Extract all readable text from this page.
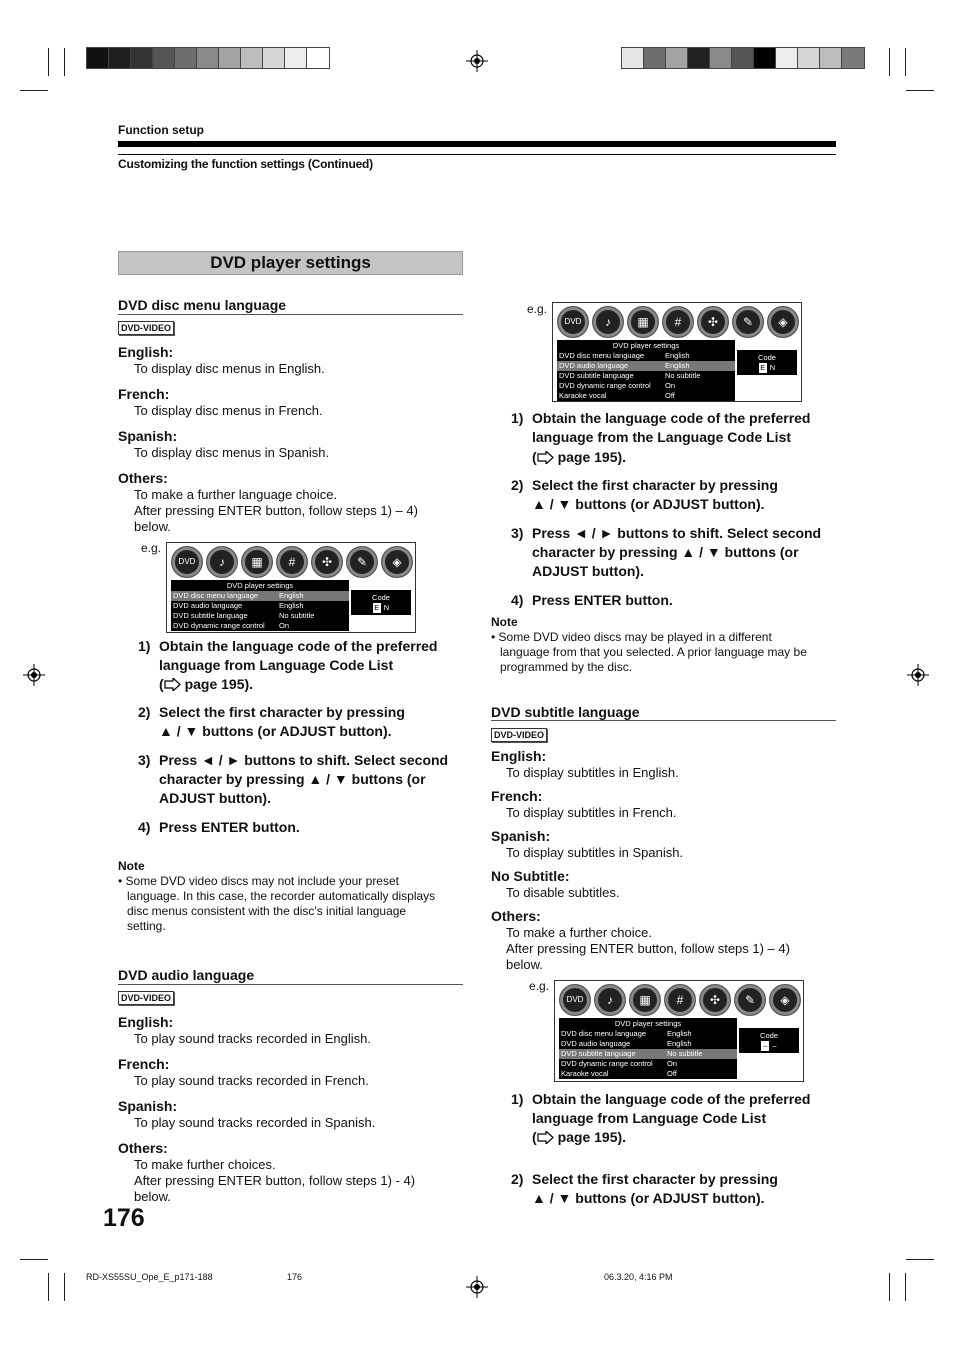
Function setup
Customizing the function settings (Continued)
DVD player settings
DVD disc menu language
DVD-VIDEO
English:
To display disc menus in English.
French:
To display disc menus in French.
Spanish:
To display disc menus in Spanish.
Others:
To make a further language choice.
After pressing ENTER button, follow steps 1) – 4)
below.
e.g.
DVD	♪	▦	#	✣	✎	◈
DVD player settings
DVD disc menu language	English
DVD audio language	English
DVD subtitle language	No subtitle
DVD dynamic range control On
Code
E N
1) Obtain the language code of the preferred
language from Language Code List
( page 195).
2) Select the first character by pressing
▲ / ▼ buttons (or ADJUST button).
3) Press ◄ / ► buttons to shift. Select second
character by pressing ▲ / ▼ buttons (or
ADJUST button).
4) Press ENTER button.
Note
• Some DVD video discs may not include your preset
language. In this case, the recorder automatically displays
disc menus consistent with the disc's initial language
setting.
DVD audio language
DVD-VIDEO
English:
To play sound tracks recorded in English.
French:
To play sound tracks recorded in French.
Spanish:
To play sound tracks recorded in Spanish.
Others:
To make further choices.
After pressing ENTER button, follow steps 1) - 4)
below.
176
e.g.
DVD	♪	▦	#	✣	✎	◈
DVD player settings
DVD disc menu language	English
DVD audio language	English
DVD subtitle language	No subtitle
DVD dynamic range control On
Karaoke vocal	Off
Code
E N
1) Obtain the language code of the preferred
language from the Language Code List
( page 195).
2) Select the first character by pressing
▲ / ▼ buttons (or ADJUST button).
3) Press ◄ / ► buttons to shift. Select second
character by pressing ▲ / ▼ buttons (or
ADJUST button).
4) Press ENTER button.
Note
• Some DVD video discs may be played in a different
language from that you selected. A prior language may be
programmed by the disc.
DVD subtitle language
DVD-VIDEO
English:
To display subtitles in English.
French:
To display subtitles in French.
Spanish:
To display subtitles in Spanish.
No Subtitle:
To disable subtitles.
Others:
To make a further choice.
After pressing ENTER button, follow steps 1) – 4)
below.
e.g.
DVD	♪	▦	#	✣	✎	◈
DVD player settings
DVD disc menu language	English
DVD audio language	English
DVD subtitle language	No subtitle
DVD dynamic range control On
Karaoke vocal	Off
Code
– –
1) Obtain the language code of the preferred
language from Language Code List
( page 195).
2) Select the first character by pressing
▲ / ▼ buttons (or ADJUST button).
RD-XS55SU_Ope_E_p171-188	176	06.3.20, 4:16 PM
